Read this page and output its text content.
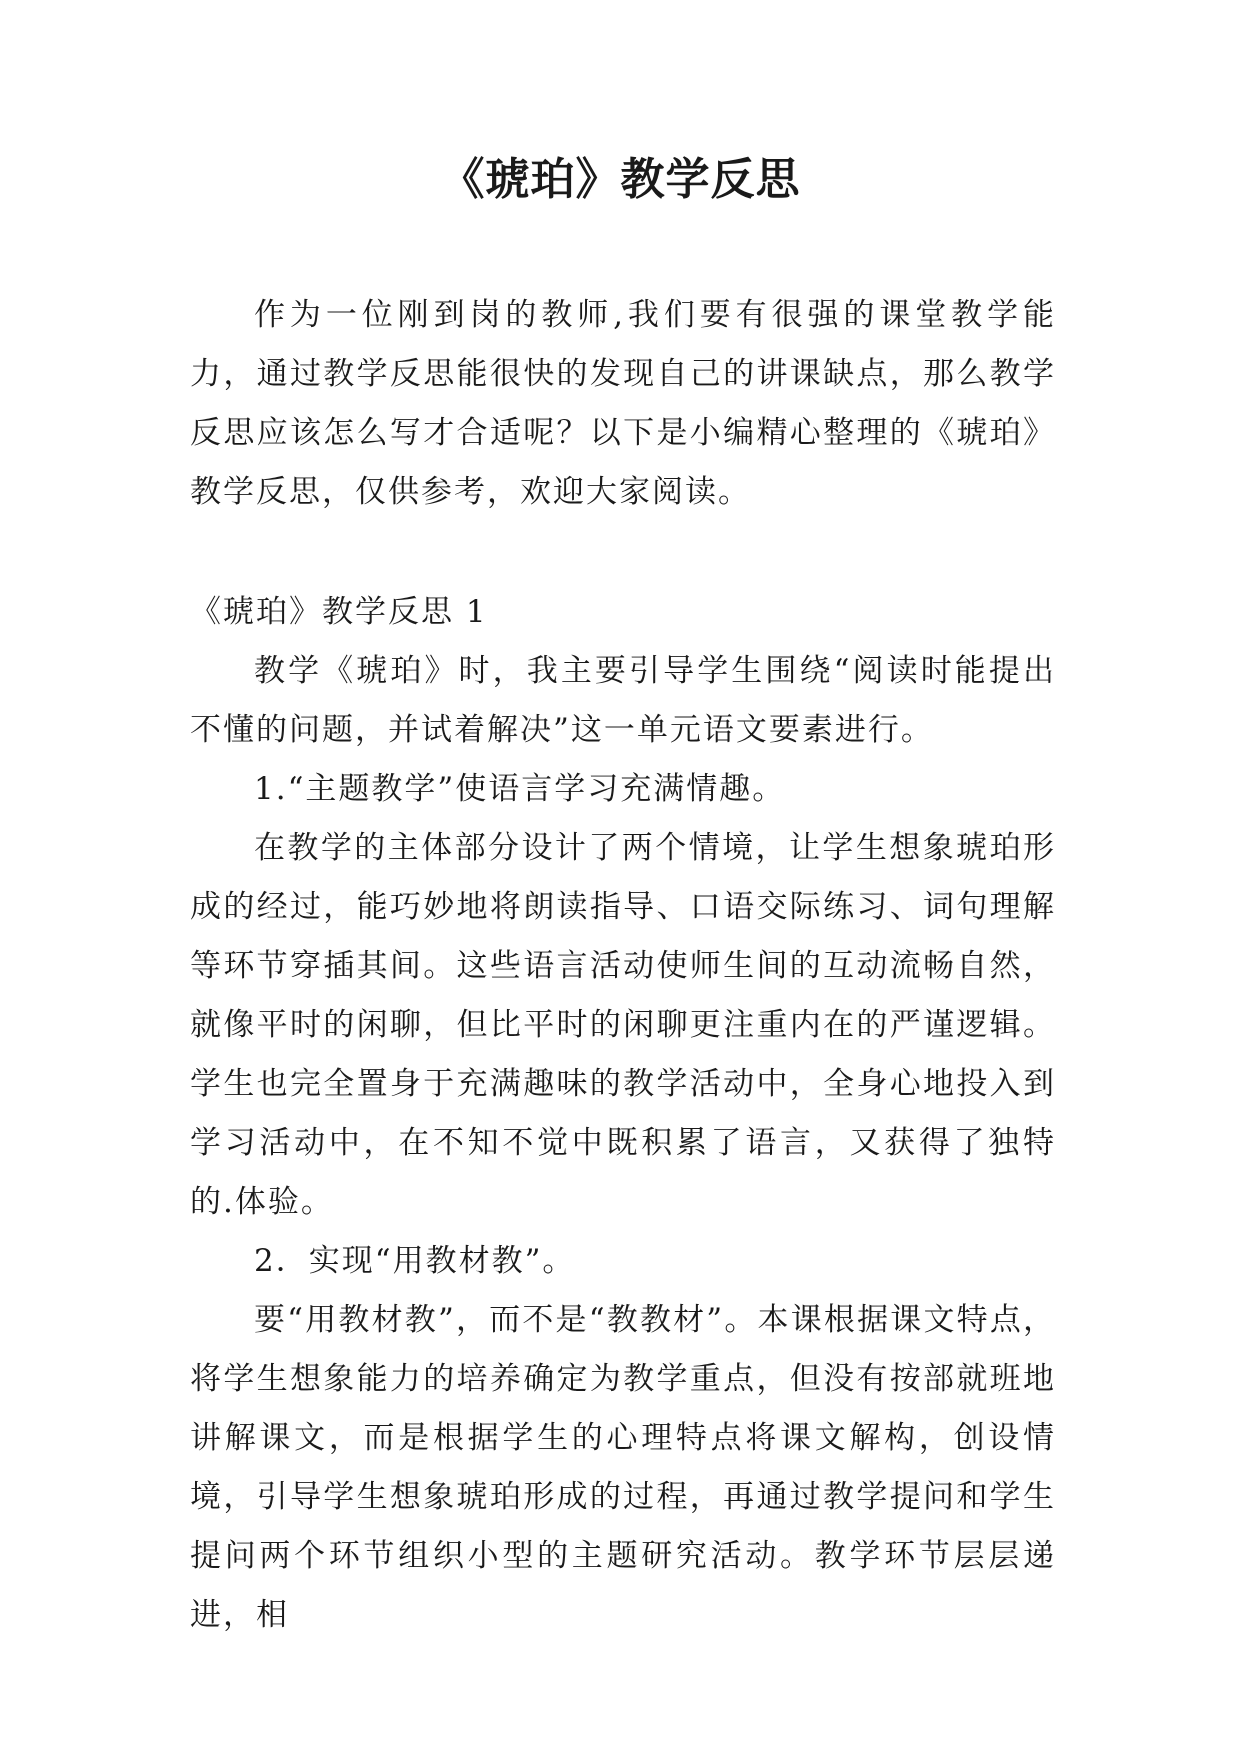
《琥珀》教学反思

作为一位刚到岗的教师,我们要有很强的课堂教学能力，通过教学反思能很快的发现自己的讲课缺点，那么教学反思应该怎么写才合适呢？以下是小编精心整理的《琥珀》教学反思，仅供参考，欢迎大家阅读。

《琥珀》教学反思 1

教学《琥珀》时，我主要引导学生围绕“阅读时能提出不懂的问题，并试着解决”这一单元语文要素进行。

1.“主题教学”使语言学习充满情趣。

在教学的主体部分设计了两个情境，让学生想象琥珀形成的经过，能巧妙地将朗读指导、口语交际练习、词句理解等环节穿插其间。这些语言活动使师生间的互动流畅自然，就像平时的闲聊，但比平时的闲聊更注重内在的严谨逻辑。学生也完全置身于充满趣味的教学活动中，全身心地投入到学习活动中，在不知不觉中既积累了语言，又获得了独特的.体验。

2．实现“用教材教”。

要“用教材教”，而不是“教教材”。本课根据课文特点，将学生想象能力的培养确定为教学重点，但没有按部就班地讲解课文，而是根据学生的心理特点将课文解构，创设情境，引导学生想象琥珀形成的过程，再通过教学提问和学生提问两个环节组织小型的主题研究活动。教学环节层层递进，相
